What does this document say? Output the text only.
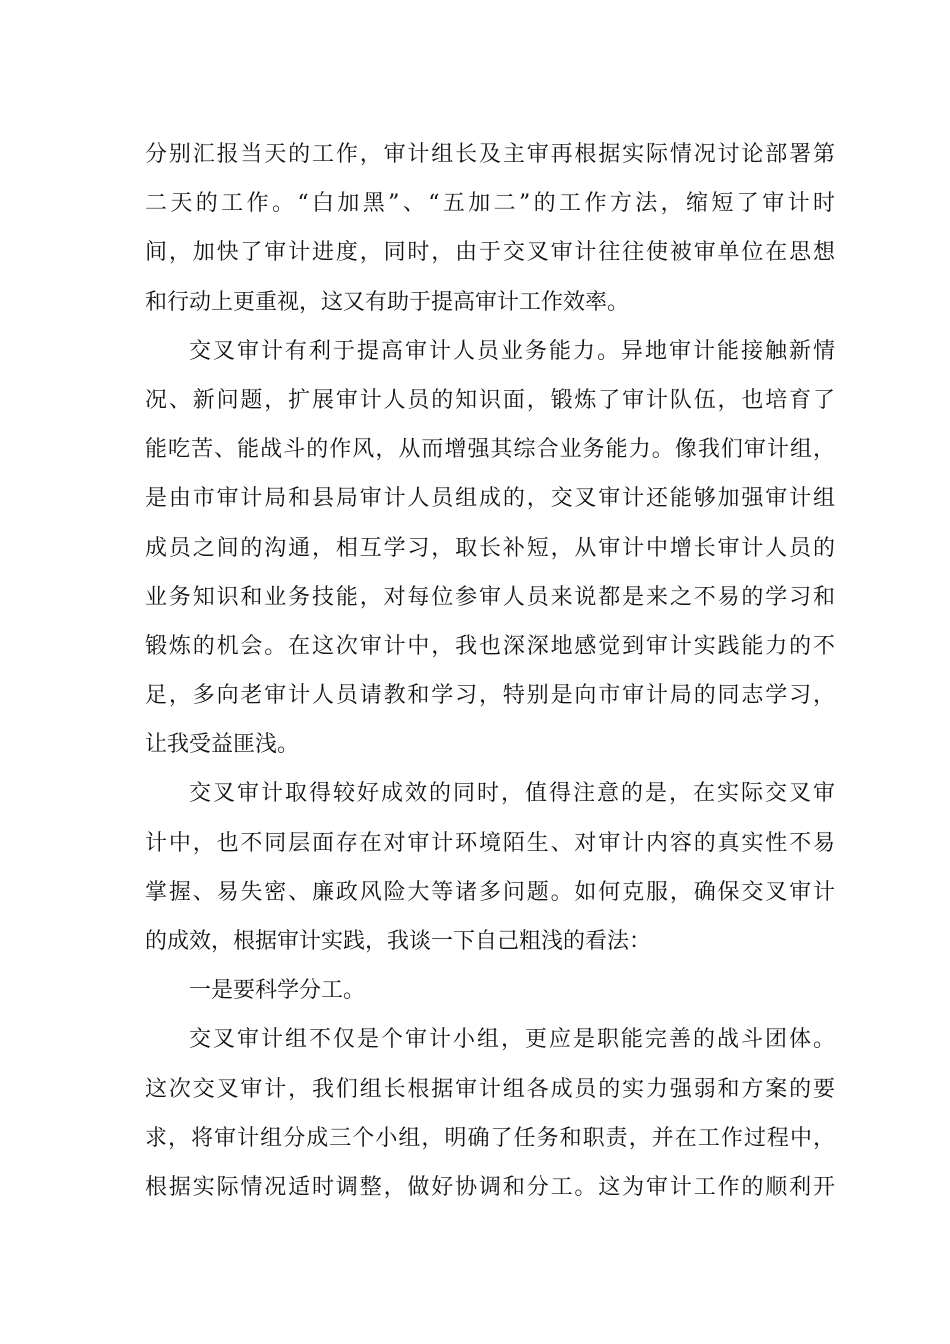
分别汇报当天的工作，审计组长及主审再根据实际情况讨论部署第
二天的工作。“白加黑”、“五加二”的工作方法，缩短了审计时
间，加快了审计进度，同时，由于交叉审计往往使被审单位在思想
和行动上更重视，这又有助于提高审计工作效率。
交叉审计有利于提高审计人员业务能力。异地审计能接触新情
况、新问题，扩展审计人员的知识面，锻炼了审计队伍，也培育了
能吃苦、能战斗的作风，从而增强其综合业务能力。像我们审计组，
是由市审计局和县局审计人员组成的，交叉审计还能够加强审计组
成员之间的沟通，相互学习，取长补短，从审计中增长审计人员的
业务知识和业务技能，对每位参审人员来说都是来之不易的学习和
锻炼的机会。在这次审计中，我也深深地感觉到审计实践能力的不
足，多向老审计人员请教和学习，特别是向市审计局的同志学习，
让我受益匪浅。
交叉审计取得较好成效的同时，值得注意的是，在实际交叉审
计中，也不同层面存在对审计环境陌生、对审计内容的真实性不易
掌握、易失密、廉政风险大等诸多问题。如何克服，确保交叉审计
的成效，根据审计实践，我谈一下自己粗浅的看法：
一是要科学分工。
交叉审计组不仅是个审计小组，更应是职能完善的战斗团体。
这次交叉审计，我们组长根据审计组各成员的实力强弱和方案的要
求，将审计组分成三个小组，明确了任务和职责，并在工作过程中，
根据实际情况适时调整，做好协调和分工。这为审计工作的顺利开
